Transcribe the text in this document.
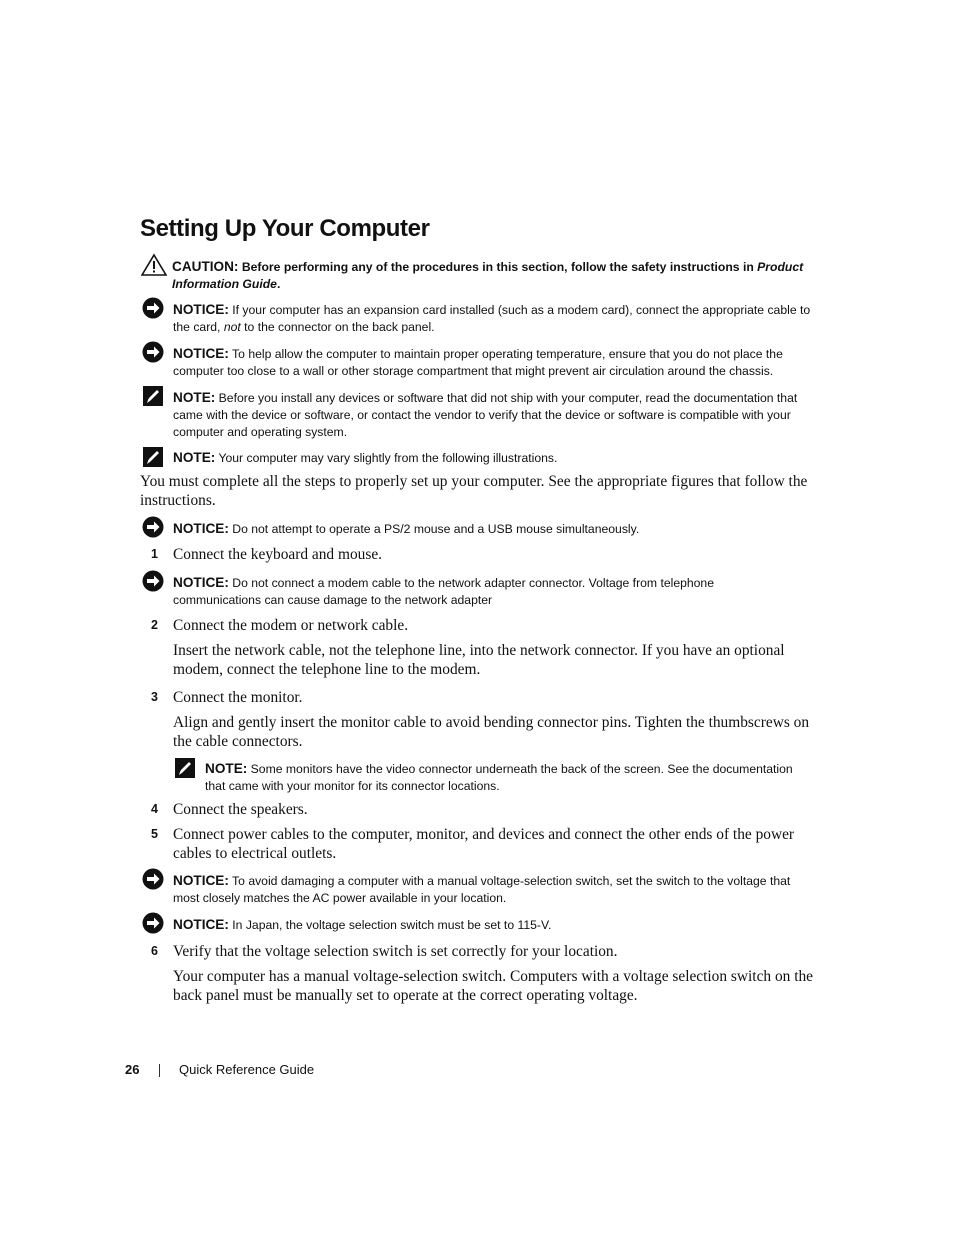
Setting Up Your Computer
CAUTION: Before performing any of the procedures in this section, follow the safety instructions in Product Information Guide.
NOTICE: If your computer has an expansion card installed (such as a modem card), connect the appropriate cable to the card, not to the connector on the back panel.
NOTICE: To help allow the computer to maintain proper operating temperature, ensure that you do not place the computer too close to a wall or other storage compartment that might prevent air circulation around the chassis.
NOTE: Before you install any devices or software that did not ship with your computer, read the documentation that came with the device or software, or contact the vendor to verify that the device or software is compatible with your computer and operating system.
NOTE: Your computer may vary slightly from the following illustrations.
You must complete all the steps to properly set up your computer. See the appropriate figures that follow the instructions.
NOTICE: Do not attempt to operate a PS/2 mouse and a USB mouse simultaneously.
1 Connect the keyboard and mouse.
NOTICE: Do not connect a modem cable to the network adapter connector. Voltage from telephone communications can cause damage to the network adapter
2 Connect the modem or network cable.
Insert the network cable, not the telephone line, into the network connector. If you have an optional modem, connect the telephone line to the modem.
3 Connect the monitor.
Align and gently insert the monitor cable to avoid bending connector pins. Tighten the thumbscrews on the cable connectors.
NOTE: Some monitors have the video connector underneath the back of the screen. See the documentation that came with your monitor for its connector locations.
4 Connect the speakers.
5 Connect power cables to the computer, monitor, and devices and connect the other ends of the power cables to electrical outlets.
NOTICE: To avoid damaging a computer with a manual voltage-selection switch, set the switch to the voltage that most closely matches the AC power available in your location.
NOTICE: In Japan, the voltage selection switch must be set to 115-V.
6 Verify that the voltage selection switch is set correctly for your location.
Your computer has a manual voltage-selection switch. Computers with a voltage selection switch on the back panel must be manually set to operate at the correct operating voltage.
26	Quick Reference Guide
